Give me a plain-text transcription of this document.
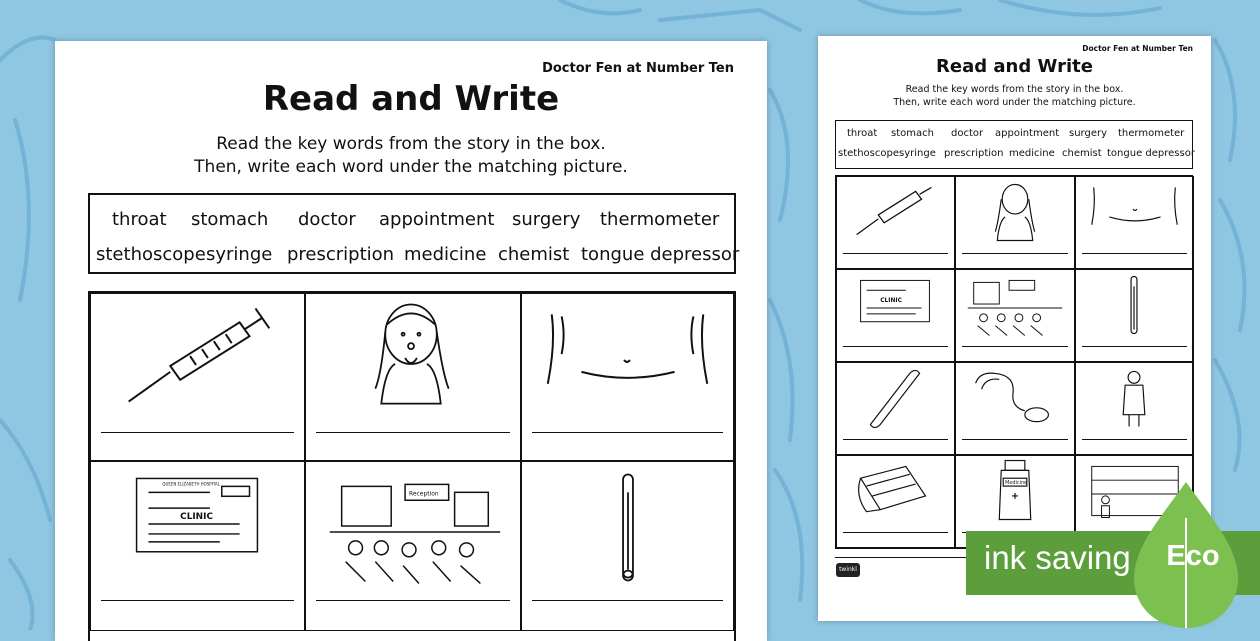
Doctor Fen at Number Ten
Read and Write
Read the key words from the story in the box.
Then, write each word under the matching picture.
throat stomach doctor appointment surgery thermometer
stethoscope syringe prescription medicine chemist tongue depressor
QUEEN ELIZABETH HOSPITAL
CLINIC
Reception
Doctor Fen at Number Ten
Read and Write
Read the key words from the story in the box.
Then, write each word under the matching picture.
throat stomach doctor appointment surgery thermometer
stethoscope syringe prescription medicine chemist tongue depressor
CLINIC
Medicine
twinkl	ink saving Eco
